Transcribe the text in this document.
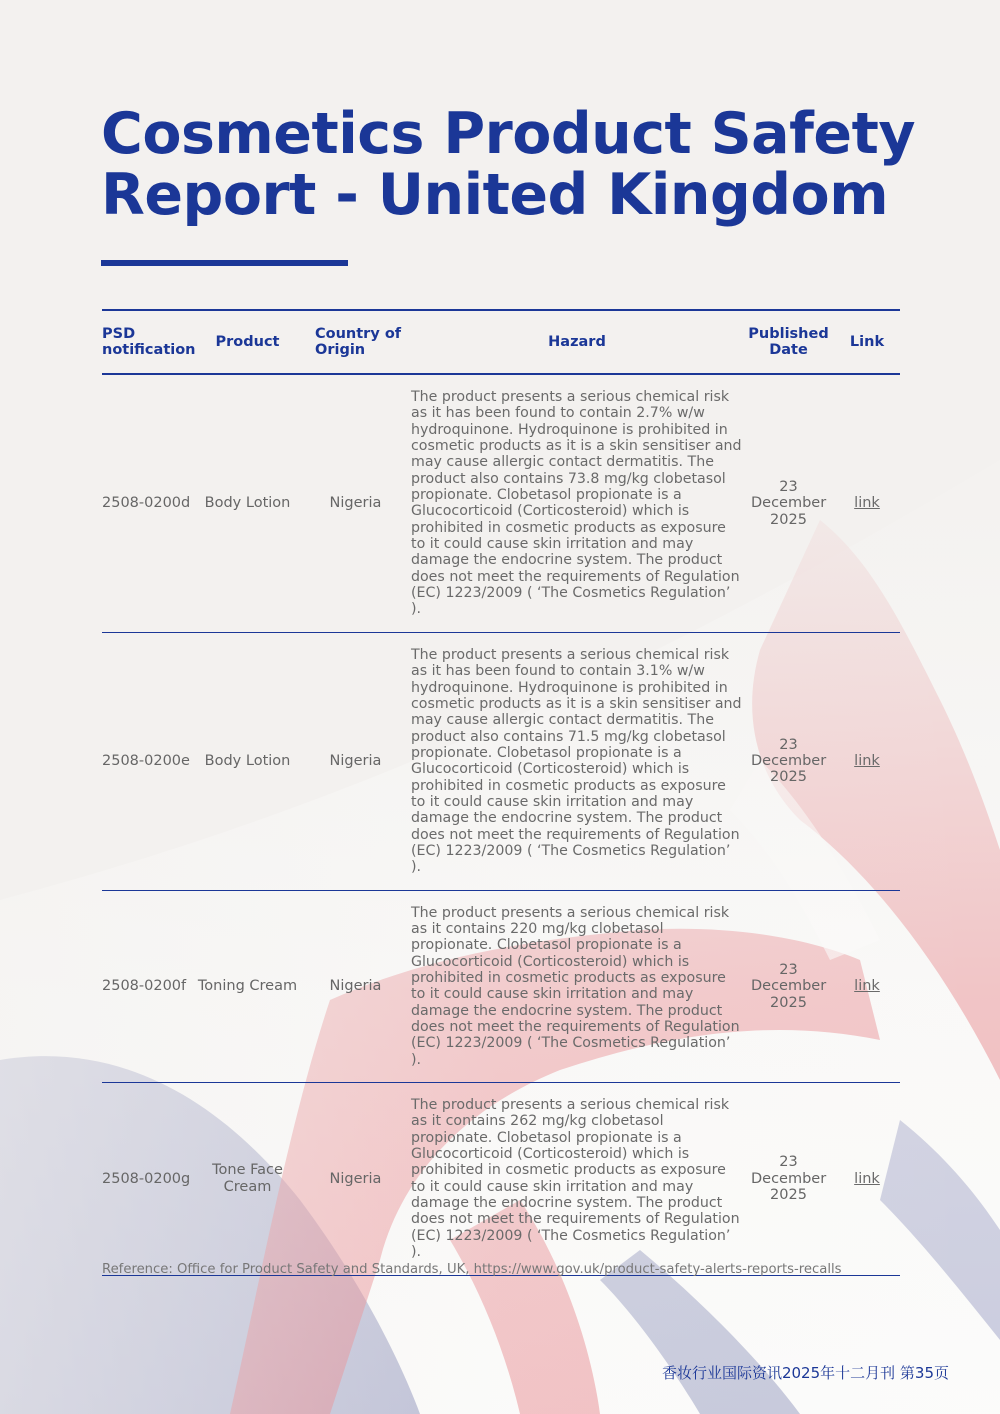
Cosmetics Product Safety Report - United Kingdom
PSD notification	Product	Country of Origin	Hazard	Published Date	Link
2508-0200d	Body Lotion	Nigeria	The product presents a serious chemical risk as it has been found to contain 2.7% w/w hydroquinone. Hydroquinone is prohibited in cosmetic products as it is a skin sensitiser and may cause allergic contact dermatitis. The product also contains 73.8 mg/kg clobetasol propionate. Clobetasol propionate is a Glucocorticoid (Corticosteroid) which is prohibited in cosmetic products as exposure to it could cause skin irritation and may damage the endocrine system. The product does not meet the requirements of Regulation (EC) 1223/2009 ( ‘The Cosmetics Regulation’ ).	23 December 2025	link
2508-0200e	Body Lotion	Nigeria	The product presents a serious chemical risk as it has been found to contain 3.1% w/w hydroquinone. Hydroquinone is prohibited in cosmetic products as it is a skin sensitiser and may cause allergic contact dermatitis. The product also contains 71.5 mg/kg clobetasol propionate. Clobetasol propionate is a Glucocorticoid (Corticosteroid) which is prohibited in cosmetic products as exposure to it could cause skin irritation and may damage the endocrine system. The product does not meet the requirements of Regulation (EC) 1223/2009 ( ‘The Cosmetics Regulation’ ).	23 December 2025	link
2508-0200f	Toning Cream	Nigeria	The product presents a serious chemical risk as it contains 220 mg/kg clobetasol propionate. Clobetasol propionate is a Glucocorticoid (Corticosteroid) which is prohibited in cosmetic products as exposure to it could cause skin irritation and may damage the endocrine system. The product does not meet the requirements of Regulation (EC) 1223/2009 ( ‘The Cosmetics Regulation’ ).	23 December 2025	link
2508-0200g	Tone Face Cream	Nigeria	The product presents a serious chemical risk as it contains 262 mg/kg clobetasol propionate. Clobetasol propionate is a Glucocorticoid (Corticosteroid) which is prohibited in cosmetic products as exposure to it could cause skin irritation and may damage the endocrine system. The product does not meet the requirements of Regulation (EC) 1223/2009 ( ‘The Cosmetics Regulation’ ).	23 December 2025	link
Reference: Office for Product Safety and Standards, UK, https://www.gov.uk/product-safety-alerts-reports-recalls
香妆行业国际资讯2025年十二月刊 第35页
